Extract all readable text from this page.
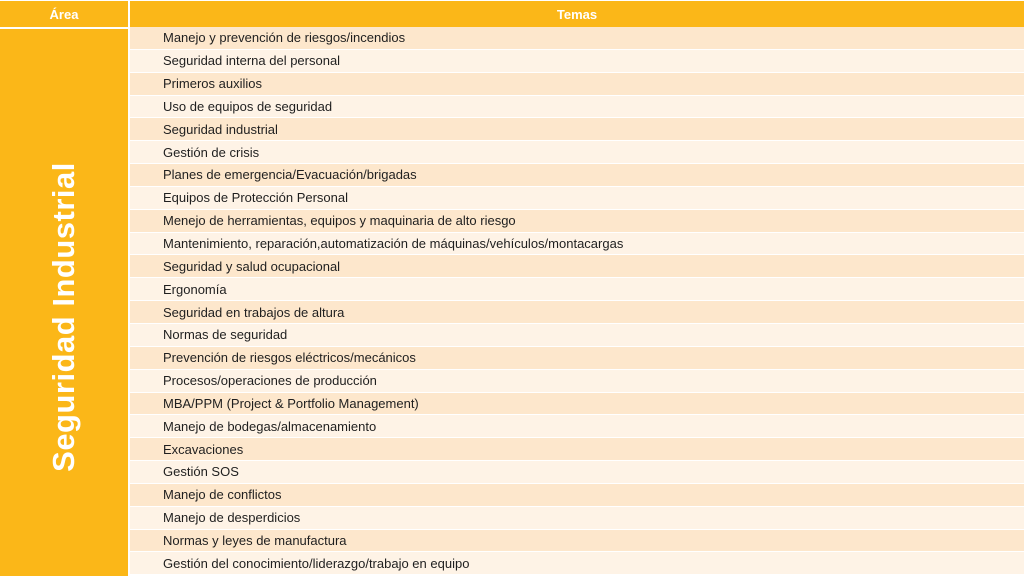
Área	Temas
Seguridad Industrial
Manejo y prevención de riesgos/incendios
Seguridad interna del personal
Primeros auxilios
Uso de equipos de seguridad
Seguridad industrial
Gestión de crisis
Planes de emergencia/Evacuación/brigadas
Equipos de Protección Personal
Menejo de herramientas, equipos y maquinaria de alto riesgo
Mantenimiento, reparación,automatización de máquinas/vehículos/montacargas
Seguridad y salud ocupacional
Ergonomía
Seguridad en trabajos de altura
Normas de seguridad
Prevención de riesgos eléctricos/mecánicos
Procesos/operaciones de producción
MBA/PPM (Project & Portfolio Management)
Manejo de bodegas/almacenamiento
Excavaciones
Gestión SOS
Manejo de conflictos
Manejo de desperdicios
Normas y leyes de manufactura
Gestión del conocimiento/liderazgo/trabajo en equipo
